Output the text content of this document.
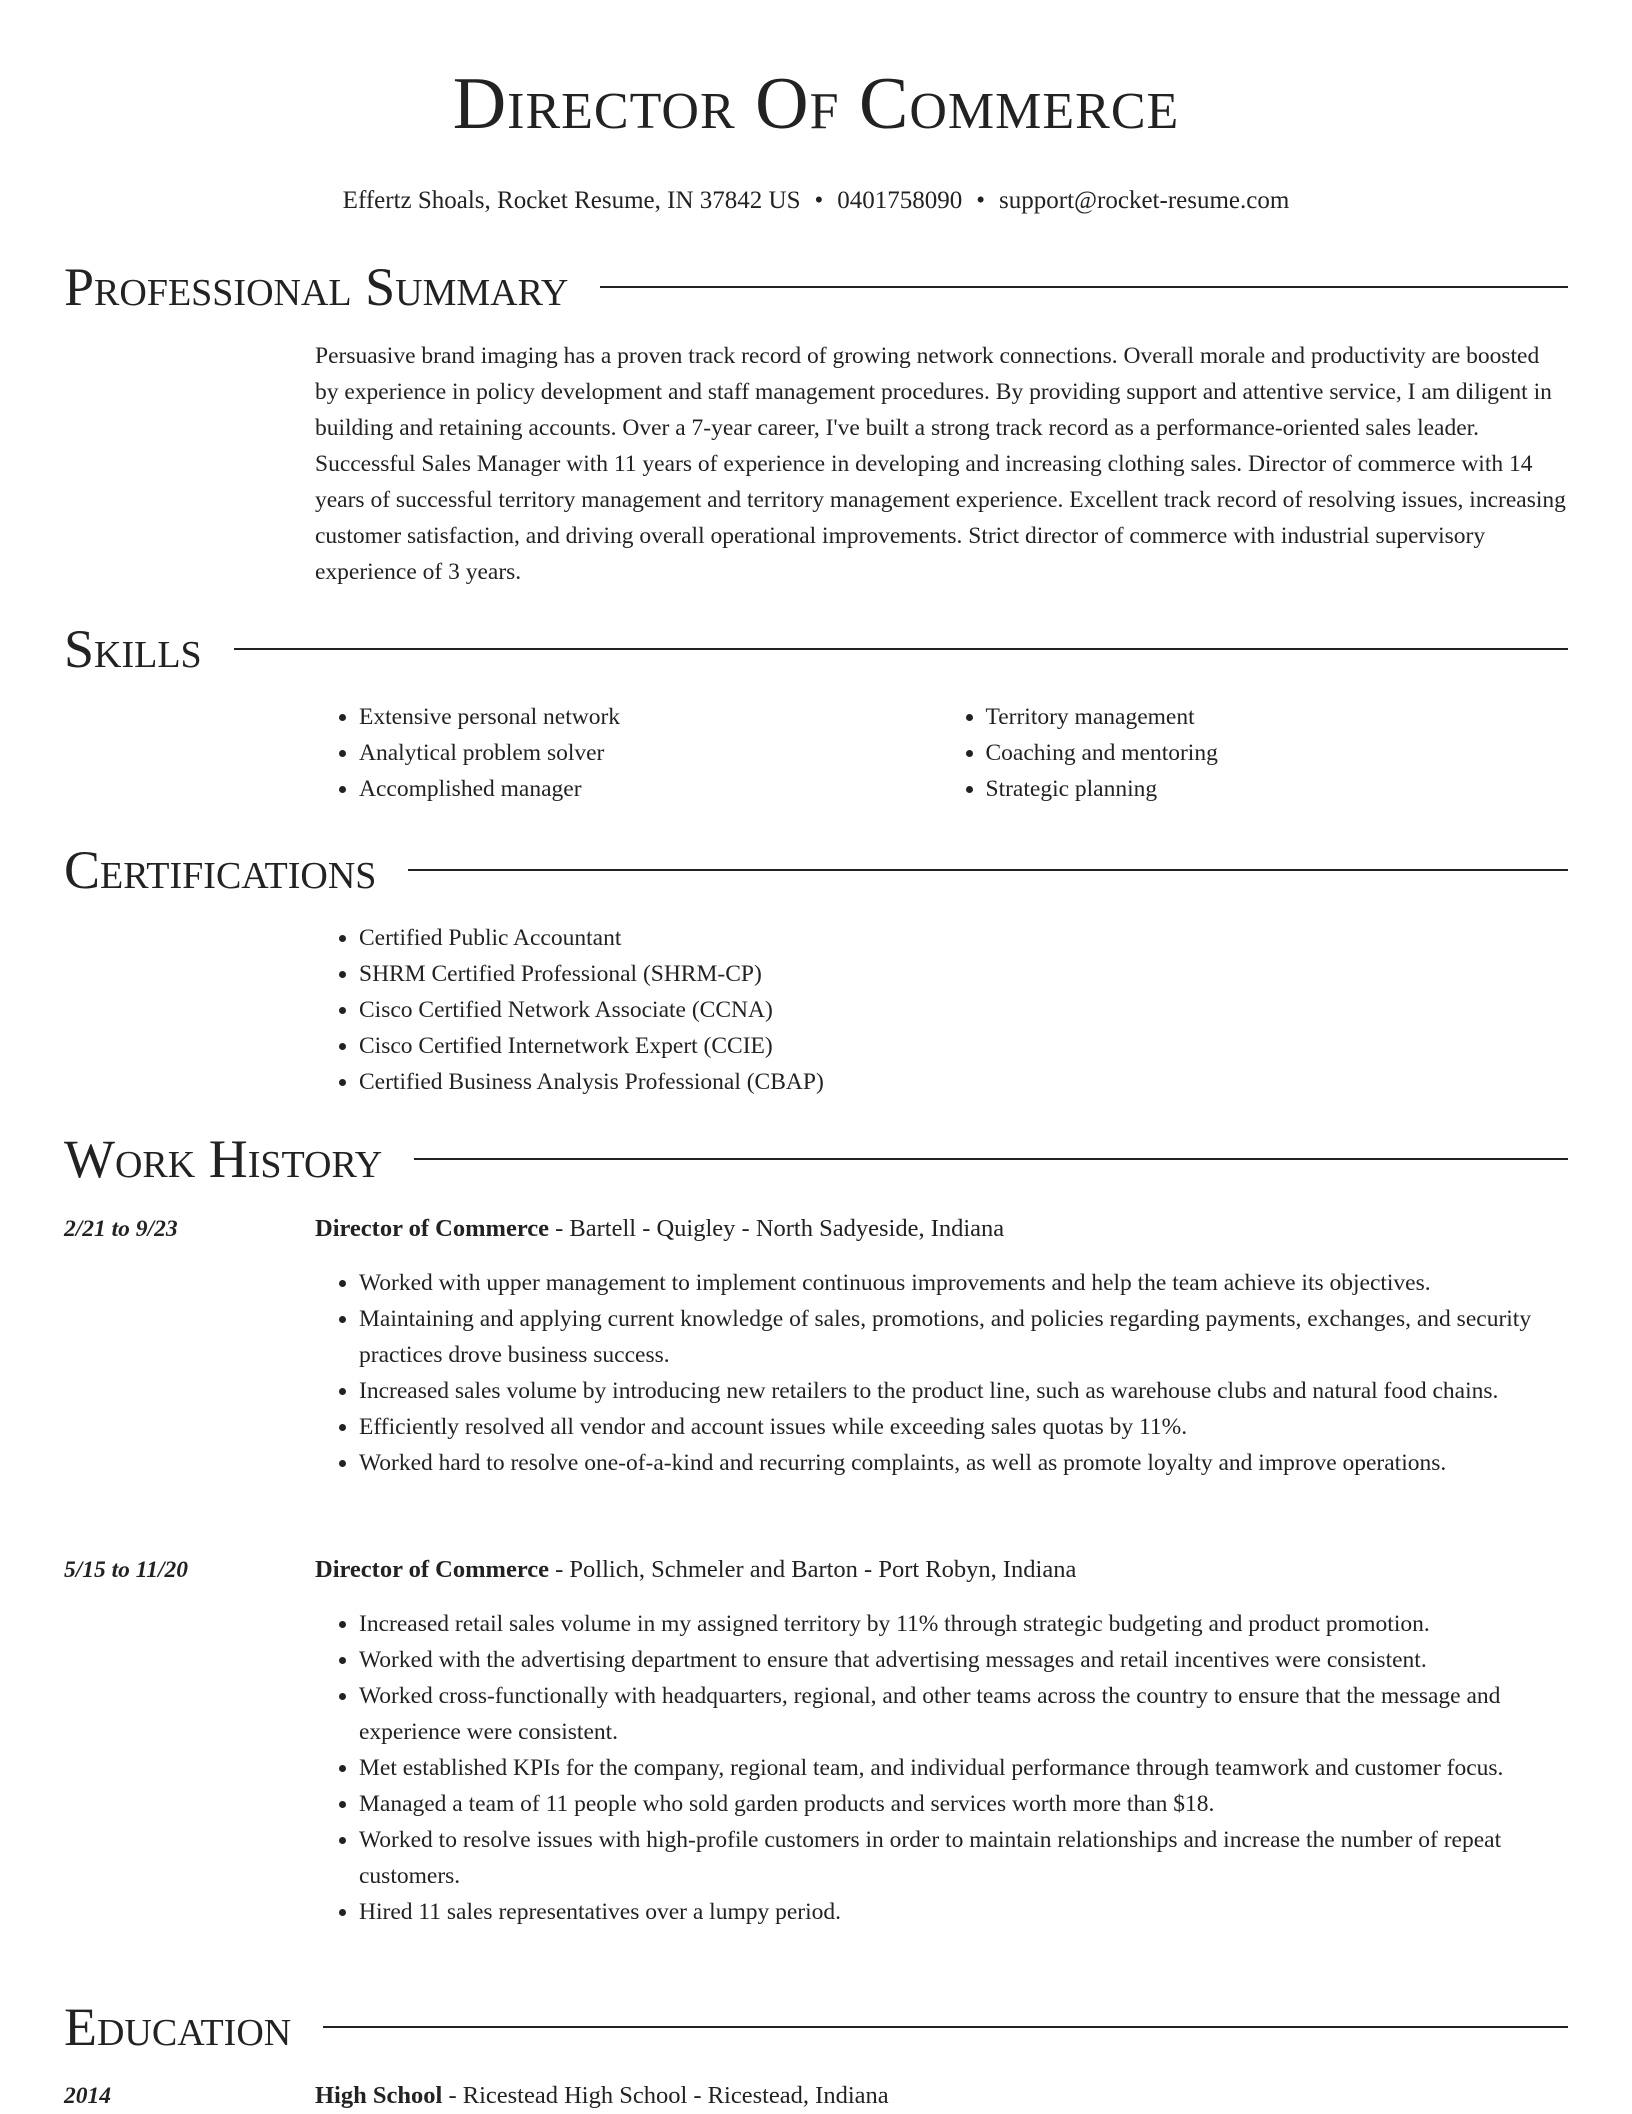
Director Of Commerce
Effertz Shoals, Rocket Resume, IN 37842 US • 0401758090 • support@rocket-resume.com
Professional Summary
Persuasive brand imaging has a proven track record of growing network connections. Overall morale and productivity are boosted by experience in policy development and staff management procedures. By providing support and attentive service, I am diligent in building and retaining accounts. Over a 7-year career, I've built a strong track record as a performance-oriented sales leader. Successful Sales Manager with 11 years of experience in developing and increasing clothing sales. Director of commerce with 14 years of successful territory management and territory management experience. Excellent track record of resolving issues, increasing customer satisfaction, and driving overall operational improvements. Strict director of commerce with industrial supervisory experience of 3 years.
Skills
• Extensive personal network
• Analytical problem solver
• Accomplished manager
• Territory management
• Coaching and mentoring
• Strategic planning
Certifications
• Certified Public Accountant
• SHRM Certified Professional (SHRM-CP)
• Cisco Certified Network Associate (CCNA)
• Cisco Certified Internetwork Expert (CCIE)
• Certified Business Analysis Professional (CBAP)
Work History
2/21 to 9/23	Director of Commerce - Bartell - Quigley - North Sadyeside, Indiana
• Worked with upper management to implement continuous improvements and help the team achieve its objectives.
• Maintaining and applying current knowledge of sales, promotions, and policies regarding payments, exchanges, and security practices drove business success.
• Increased sales volume by introducing new retailers to the product line, such as warehouse clubs and natural food chains.
• Efficiently resolved all vendor and account issues while exceeding sales quotas by 11%.
• Worked hard to resolve one-of-a-kind and recurring complaints, as well as promote loyalty and improve operations.
5/15 to 11/20	Director of Commerce - Pollich, Schmeler and Barton - Port Robyn, Indiana
• Increased retail sales volume in my assigned territory by 11% through strategic budgeting and product promotion.
• Worked with the advertising department to ensure that advertising messages and retail incentives were consistent.
• Worked cross-functionally with headquarters, regional, and other teams across the country to ensure that the message and experience were consistent.
• Met established KPIs for the company, regional team, and individual performance through teamwork and customer focus.
• Managed a team of 11 people who sold garden products and services worth more than $18.
• Worked to resolve issues with high-profile customers in order to maintain relationships and increase the number of repeat customers.
• Hired 11 sales representatives over a lumpy period.
Education
2014	High School - Ricestead High School - Ricestead, Indiana
